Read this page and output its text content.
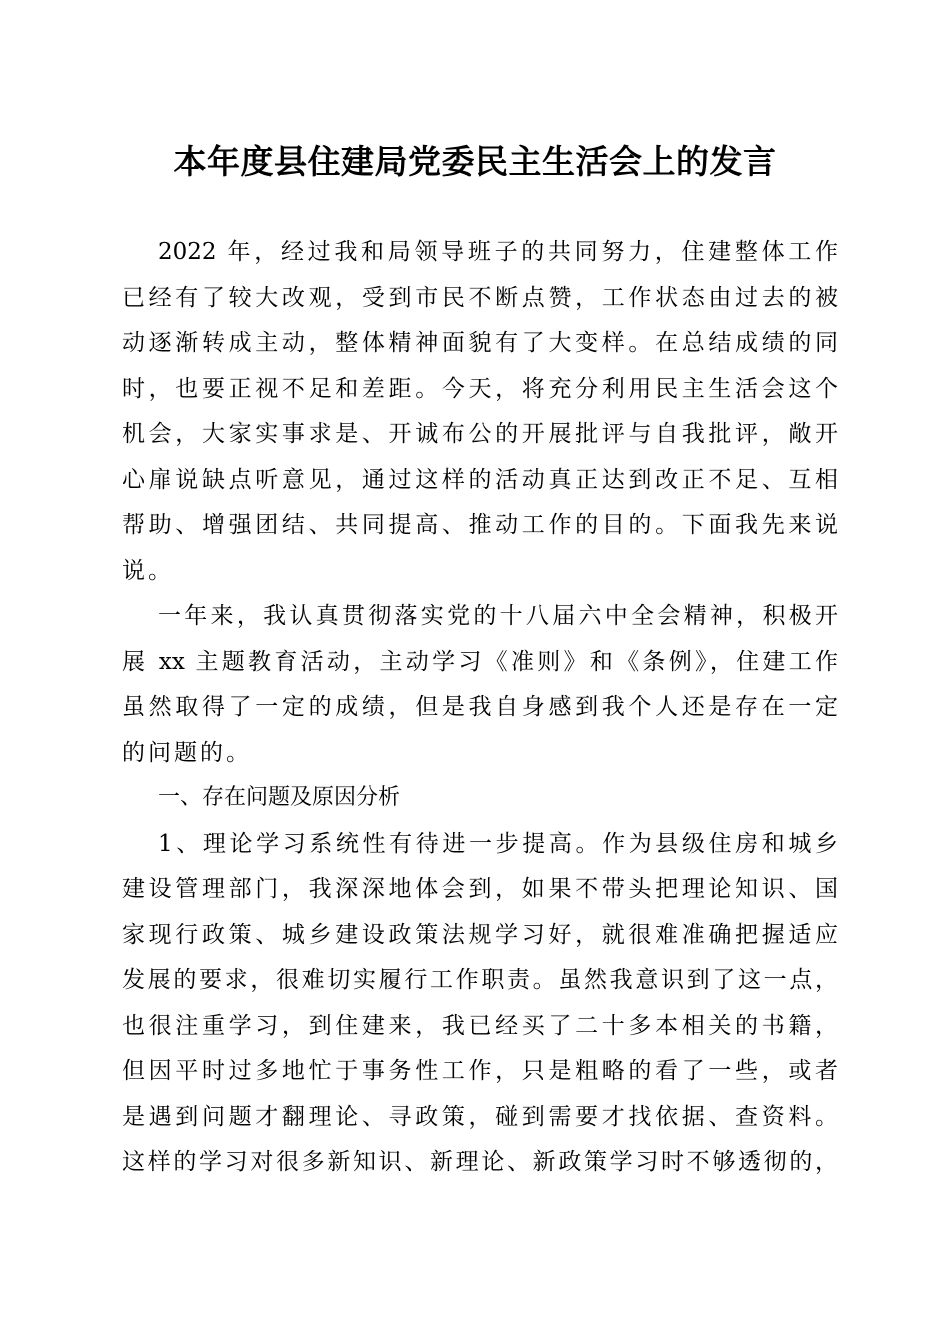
本年度县住建局党委民主生活会上的发言
2022 年，经过我和局领导班子的共同努力，住建整体工作
已经有了较大改观，受到市民不断点赞，工作状态由过去的被
动逐渐转成主动，整体精神面貌有了大变样。在总结成绩的同
时，也要正视不足和差距。今天，将充分利用民主生活会这个
机会，大家实事求是、开诚布公的开展批评与自我批评，敞开
心扉说缺点听意见，通过这样的活动真正达到改正不足、互相
帮助、增强团结、共同提高、推动工作的目的。下面我先来说
说。
一年来，我认真贯彻落实党的十八届六中全会精神，积极开
展 xx 主题教育活动，主动学习《准则》和《条例》，住建工作
虽然取得了一定的成绩，但是我自身感到我个人还是存在一定
的问题的。
一、存在问题及原因分析
1、理论学习系统性有待进一步提高。作为县级住房和城乡
建设管理部门，我深深地体会到，如果不带头把理论知识、国
家现行政策、城乡建设政策法规学习好，就很难准确把握适应
发展的要求，很难切实履行工作职责。虽然我意识到了这一点，
也很注重学习，到住建来，我已经买了二十多本相关的书籍，
但因平时过多地忙于事务性工作，只是粗略的看了一些，或者
是遇到问题才翻理论、寻政策，碰到需要才找依据、查资料。
这样的学习对很多新知识、新理论、新政策学习时不够透彻的，
